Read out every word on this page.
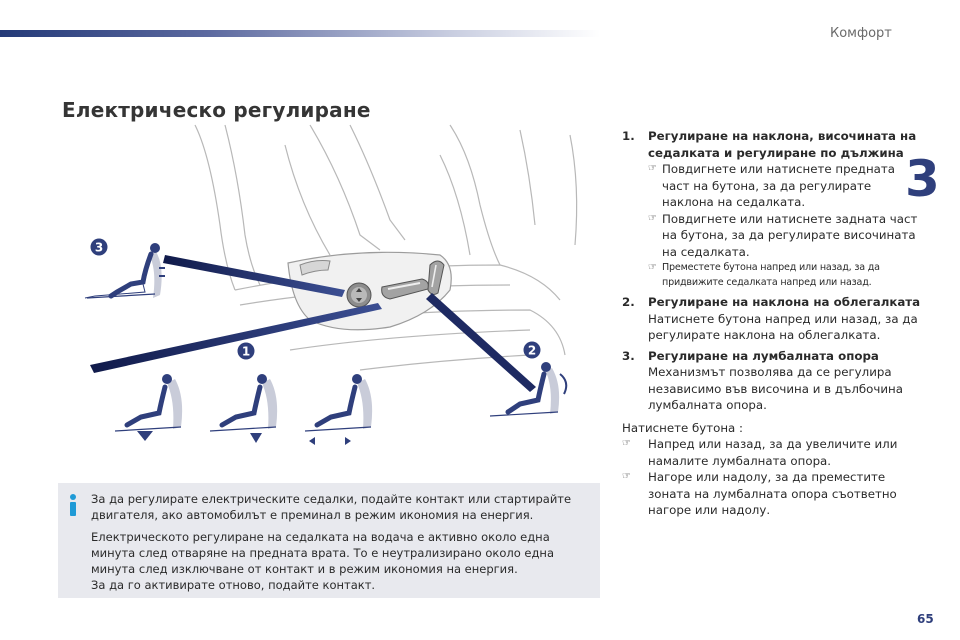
Комфорт
3
Електрическо регулиране
3
1	2
1.	Регулиране на наклона, височината на седалката и регулиране по дължина
☞ Повдигнете или натиснете предната част на бутона, за да регулирате наклона на седалката.
☞ Повдигнете или натиснете задната част на бутона, за да регулирате височината на седалката.
☞ Преместете бутона напред или назад, за да придвижите седалката напред или назад.
2.	Регулиране на наклона на облегалката
Натиснете бутона напред или назад, за да регулирате наклона на облегалката.
3.	Регулиране на лумбалната опора
Механизмът позволява да се регулира независимо във височина и в дълбочина лумбалната опора.
Натиснете бутона :
☞	Напред или назад, за да увеличите или намалите лумбалната опора.
☞	Нагоре или надолу, за да преместите зоната на лумбалната опора съответно нагоре или надолу.

За да регулирате електрическите седалки, подайте контакт или стартирайте двигателя, ако автомобилът е преминал в режим икономия на енергия.

Електрическото регулиране на седалката на водача е активно около една минута след отваряне на предната врата. То е неутрализирано около една минута след изключване от контакт и в режим икономия на енергия.

За да го активирате отново, подайте контакт.

65
